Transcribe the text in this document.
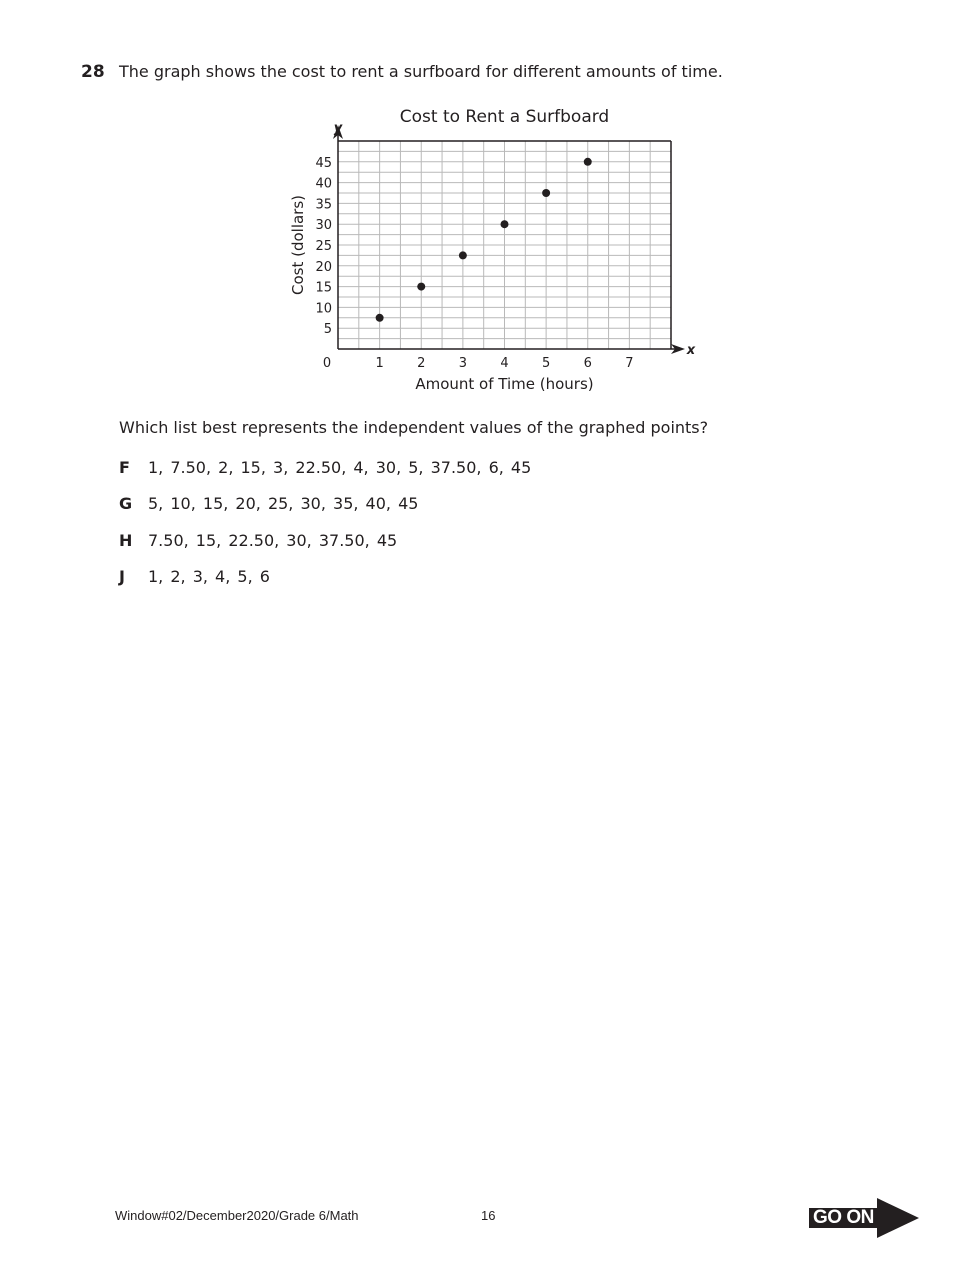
28 The graph shows the cost to rent a surfboard for different amounts of time.
y
x
Cost to Rent a Surfboard
1	2	3	4	5	6	7
5
10
15
20
25
30
35
40
45
0
Amount of Time (hours)
Cost (dollars)
Which list best represents the independent values of the graphed points?
F 1, 7.50, 2, 15, 3, 22.50, 4, 30, 5, 37.50, 6, 45
G 5, 10, 15, 20, 25, 30, 35, 40, 45
H 7.50, 15, 22.50, 30, 37.50, 45
J 1, 2, 3, 4, 5, 6
Window#02/December2020/Grade 6/Math	16	GO ON
